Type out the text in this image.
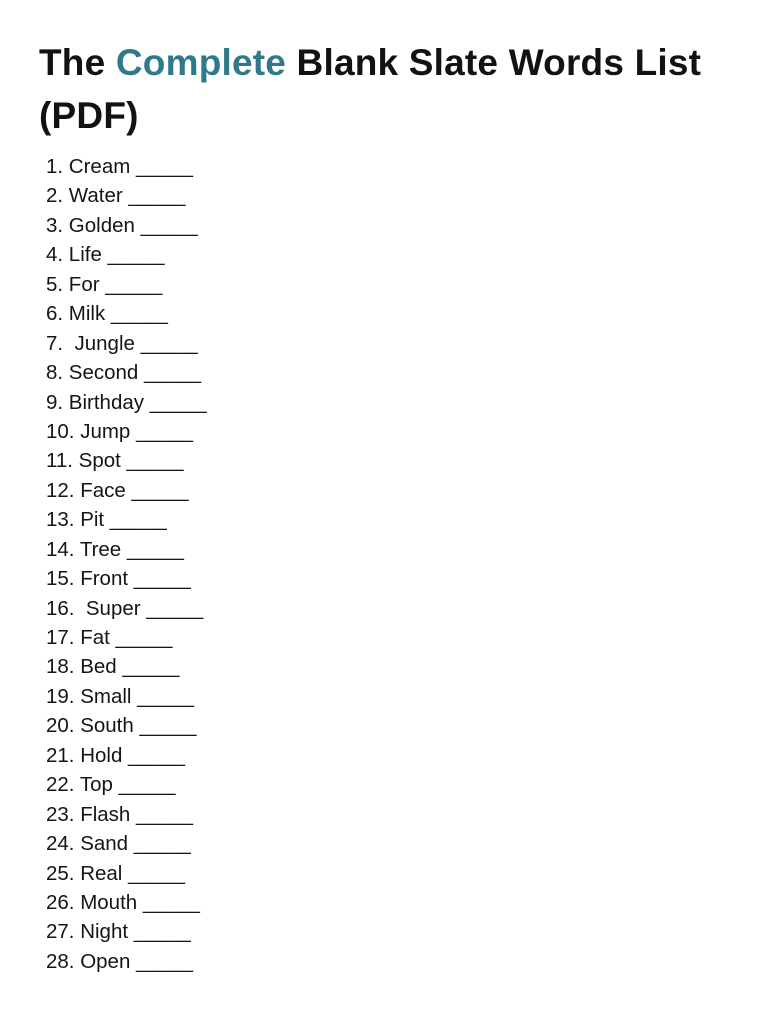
The Complete Blank Slate Words List (PDF)
1. Cream _____
2. Water _____
3. Golden _____
4. Life _____
5. For _____
6. Milk _____
7.  Jungle _____
8. Second _____
9. Birthday _____
10. Jump _____
11. Spot _____
12. Face _____
13. Pit _____
14. Tree _____
15. Front _____
16.  Super _____
17. Fat _____
18. Bed _____
19. Small _____
20. South _____
21. Hold _____
22. Top _____
23. Flash _____
24. Sand _____
25. Real _____
26. Mouth _____
27. Night _____
28. Open _____
